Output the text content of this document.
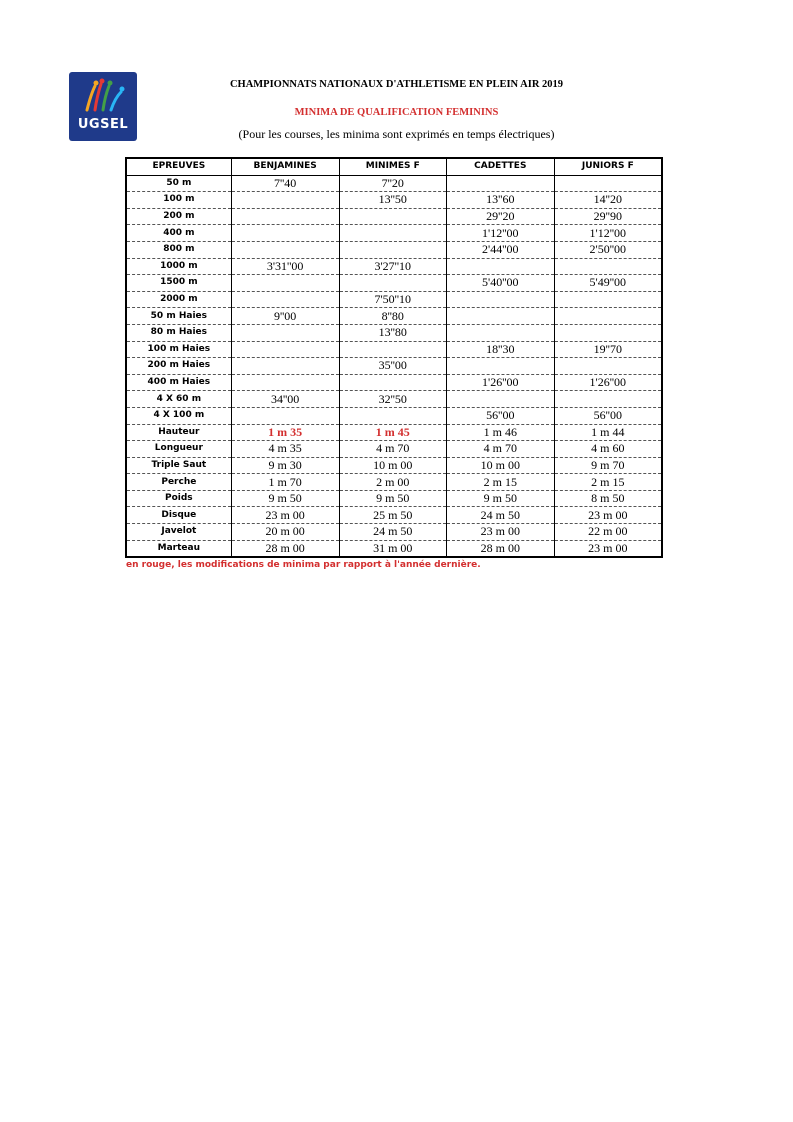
UGSEL
CHAMPIONNATS NATIONAUX D'ATHLETISME EN PLEIN AIR 2019
MINIMA DE QUALIFICATION FEMININS
(Pour les courses, les minima sont exprimés en temps électriques)
EPREUVES	BENJAMINES	MINIMES F	CADETTES	JUNIORS F
50 m	7''40	7''20		
100 m		13''50	13''60	14''20
200 m			29''20	29''90
400 m			1'12''00	1'12''00
800 m			2'44''00	2'50''00
1000 m	3'31''00	3'27''10		
1500 m			5'40''00	5'49''00
2000 m		7'50''10		
50 m Haies	9''00	8''80		
80 m Haies		13''80		
100 m Haies			18''30	19''70
200 m Haies		35''00		
400 m Haies			1'26''00	1'26''00
4 X 60 m	34''00	32''50		
4 X 100 m			56''00	56''00
Hauteur	1 m 35	1 m 45	1 m 46	1 m 44
Longueur	4 m 35	4 m 70	4 m 70	4 m 60
Triple Saut	9 m 30	10 m 00	10 m 00	9 m 70
Perche	1 m 70	2 m 00	2 m 15	2 m 15
Poids	9 m 50	9 m 50	9 m 50	8 m 50
Disque	23 m 00	25 m 50	24 m 50	23 m 00
Javelot	20 m 00	24 m 50	23 m 00	22 m 00
Marteau	28 m 00	31 m 00	28 m 00	23 m 00
en rouge, les modifications de minima par rapport à l'année dernière.
